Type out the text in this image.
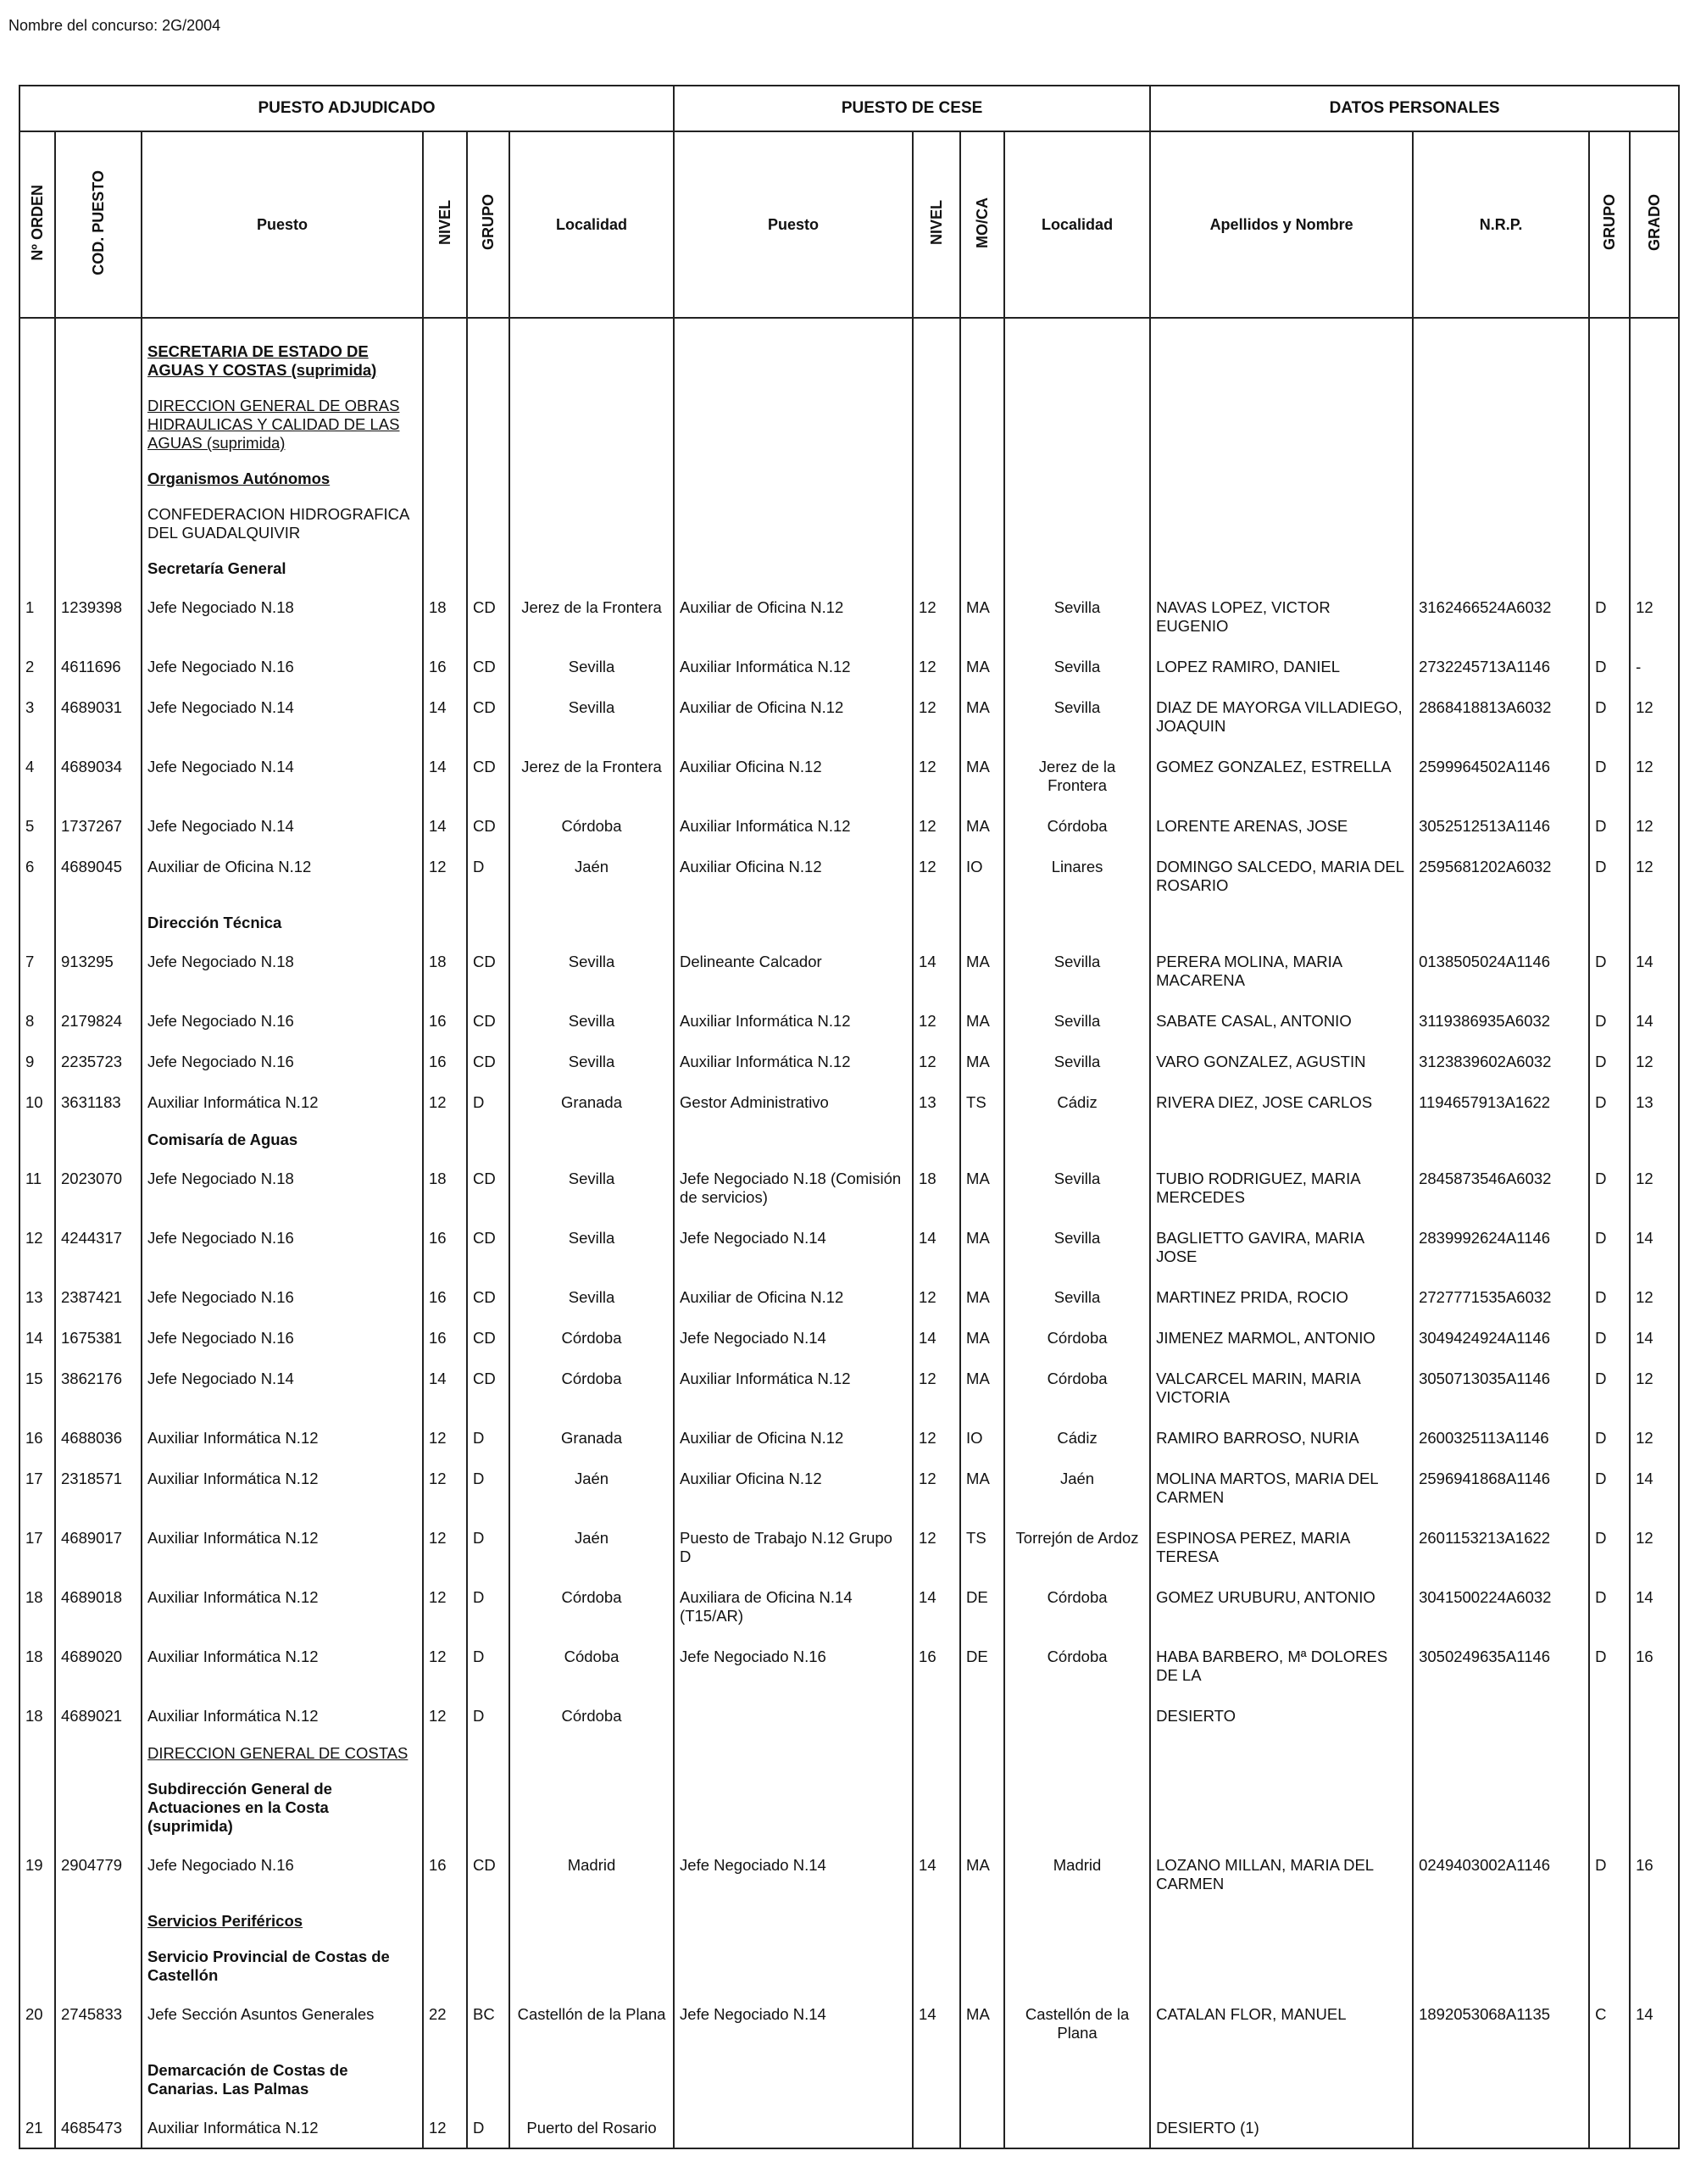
Nombre del concurso: 2G/2004
PUESTO ADJUDICADO						PUESTO DE CESE				DATOS PERSONALES			
Nº ORDEN	COD. PUESTO	Puesto	NIVEL	GRUPO	Localidad	Puesto	NIVEL	MO/CA	Localidad	Apellidos y Nombre	N.R.P.	GRUPO	GRADO

		SECRETARIA DE ESTADO DE AGUAS Y COSTAS (suprimida)											
		DIRECCION GENERAL DE OBRAS HIDRAULICAS Y CALIDAD DE LAS AGUAS (suprimida)											
		Organismos Autónomos											
		CONFEDERACION HIDROGRAFICA DEL GUADALQUIVIR											
		Secretaría General											
1	1239398	Jefe Negociado N.18	18	CD	Jerez de la Frontera	Auxiliar de Oficina N.12	12	MA	Sevilla	NAVAS LOPEZ, VICTOR EUGENIO	3162466524A6032	D	12
2	4611696	Jefe Negociado N.16	16	CD	Sevilla	Auxiliar Informática N.12	12	MA	Sevilla	LOPEZ RAMIRO, DANIEL	2732245713A1146	D	-
3	4689031	Jefe Negociado N.14	14	CD	Sevilla	Auxiliar de Oficina N.12	12	MA	Sevilla	DIAZ DE MAYORGA VILLADIEGO, JOAQUIN	2868418813A6032	D	12
4	4689034	Jefe Negociado N.14	14	CD	Jerez de la Frontera	Auxiliar Oficina N.12	12	MA	Jerez de la Frontera	GOMEZ GONZALEZ, ESTRELLA	2599964502A1146	D	12
5	1737267	Jefe Negociado N.14	14	CD	Córdoba	Auxiliar Informática N.12	12	MA	Córdoba	LORENTE ARENAS, JOSE	3052512513A1146	D	12
6	4689045	Auxiliar de Oficina N.12	12	D	Jaén	Auxiliar Oficina N.12	12	IO	Linares	DOMINGO SALCEDO, MARIA DEL ROSARIO	2595681202A6032	D	12
		Dirección Técnica											
7	913295	Jefe Negociado N.18	18	CD	Sevilla	Delineante Calcador	14	MA	Sevilla	PERERA MOLINA, MARIA MACARENA	0138505024A1146	D	14
8	2179824	Jefe Negociado N.16	16	CD	Sevilla	Auxiliar Informática N.12	12	MA	Sevilla	SABATE CASAL, ANTONIO	3119386935A6032	D	14
9	2235723	Jefe Negociado N.16	16	CD	Sevilla	Auxiliar Informática N.12	12	MA	Sevilla	VARO GONZALEZ, AGUSTIN	3123839602A6032	D	12
10	3631183	Auxiliar Informática N.12	12	D	Granada	Gestor Administrativo	13	TS	Cádiz	RIVERA DIEZ, JOSE CARLOS	1194657913A1622	D	13
		Comisaría de Aguas											
11	2023070	Jefe Negociado N.18	18	CD	Sevilla	Jefe Negociado N.18 (Comisión de servicios)	18	MA	Sevilla	TUBIO RODRIGUEZ, MARIA MERCEDES	2845873546A6032	D	12
12	4244317	Jefe Negociado N.16	16	CD	Sevilla	Jefe Negociado N.14	14	MA	Sevilla	BAGLIETTO GAVIRA, MARIA JOSE	2839992624A1146	D	14
13	2387421	Jefe Negociado N.16	16	CD	Sevilla	Auxiliar de Oficina N.12	12	MA	Sevilla	MARTINEZ PRIDA, ROCIO	2727771535A6032	D	12
14	1675381	Jefe Negociado N.16	16	CD	Córdoba	Jefe Negociado N.14	14	MA	Córdoba	JIMENEZ MARMOL, ANTONIO	3049424924A1146	D	14
15	3862176	Jefe Negociado N.14	14	CD	Córdoba	Auxiliar Informática N.12	12	MA	Córdoba	VALCARCEL MARIN, MARIA VICTORIA	3050713035A1146	D	12
16	4688036	Auxiliar Informática N.12	12	D	Granada	Auxiliar de Oficina N.12	12	IO	Cádiz	RAMIRO BARROSO, NURIA	2600325113A1146	D	12
17	2318571	Auxiliar Informática N.12	12	D	Jaén	Auxiliar Oficina N.12	12	MA	Jaén	MOLINA MARTOS, MARIA DEL CARMEN	2596941868A1146	D	14
17	4689017	Auxiliar Informática N.12	12	D	Jaén	Puesto de Trabajo N.12 Grupo D	12	TS	Torrejón de Ardoz	ESPINOSA PEREZ, MARIA TERESA	2601153213A1622	D	12
18	4689018	Auxiliar Informática N.12	12	D	Córdoba	Auxiliara de Oficina N.14 (T15/AR)	14	DE	Córdoba	GOMEZ URUBURU, ANTONIO	3041500224A6032	D	14
18	4689020	Auxiliar Informática N.12	12	D	Códoba	Jefe Negociado N.16	16	DE	Córdoba	HABA BARBERO, Mª DOLORES DE LA	3050249635A1146	D	16
18	4689021	Auxiliar Informática N.12	12	D	Córdoba					DESIERTO			
		DIRECCION GENERAL DE COSTAS											
		Subdirección General de Actuaciones en la Costa (suprimida)											
19	2904779	Jefe Negociado N.16	16	CD	Madrid	Jefe Negociado N.14	14	MA	Madrid	LOZANO MILLAN, MARIA DEL CARMEN	0249403002A1146	D	16
		Servicios Periféricos											
		Servicio Provincial de Costas de Castellón											
20	2745833	Jefe Sección Asuntos Generales	22	BC	Castellón de la Plana	Jefe Negociado N.14	14	MA	Castellón de la Plana	CATALAN FLOR, MANUEL	1892053068A1135	C	14
		Demarcación de Costas de Canarias. Las Palmas											
21	4685473	Auxiliar Informática N.12	12	D	Puerto del Rosario					DESIERTO (1)			
